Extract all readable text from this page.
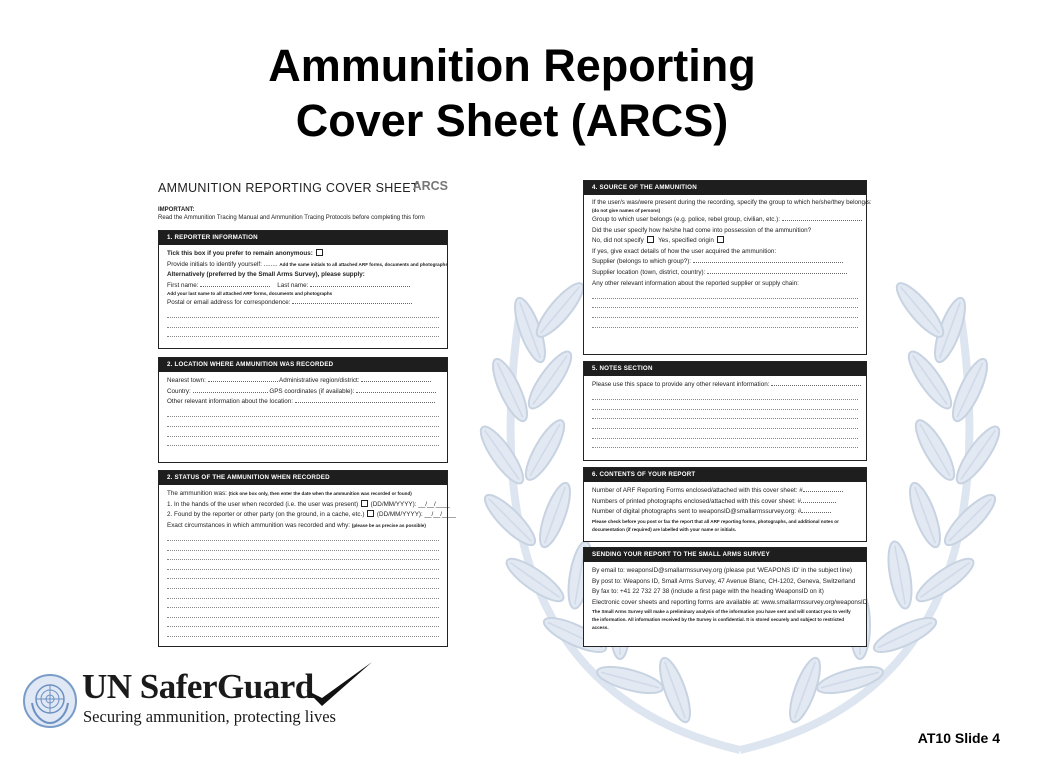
Ammunition Reporting
Cover Sheet (ARCS)
AMMUNITION REPORTING COVER SHEET
ARCS
IMPORTANT:
Read the Ammunition Tracing Manual and Ammunition Tracing Protocols before completing this form
1. REPORTER INFORMATION
Tick this box if you prefer to remain anonymous:
Provide initials to identify yourself: ........ Add the same initials to all attached ARF forms, documents and photographs
Alternatively (preferred by the Small Arms Survey), please supply:
First name:	Last name:
Add your last name to all attached ARF forms, documents and photographs
Postal or email address for correspondence:
2. LOCATION WHERE AMMUNITION WAS RECORDED
Nearest town:	Administrative region/district:
Country:	GPS coordinates (if available):
Other relevant information about the location:
2. STATUS OF THE AMMUNITION WHEN RECORDED
The ammunition was: (tick one box only, then enter the date when the ammunition was recorded or found)
1. In the hands of the user when recorded (i.e. the user was present) (DD/MM/YYYY): __/__/____
2. Found by the reporter or other party (on the ground, in a cache, etc.) (DD/MM/YYYY): __/__/____
Exact circumstances in which ammunition was recorded and why: (please be as precise as possible)
4. SOURCE OF THE AMMUNITION
If the user/s was/were present during the recording, specify the group to which he/she/they belong/s:
(do not give names of persons)
Group to which user belongs (e.g. police, rebel group, civilian, etc.):
Did the user specify how he/she had come into possession of the ammunition?
No, did not specify Yes, specified origin
If yes, give exact details of how the user acquired the ammunition:
Supplier (belongs to which group?):
Supplier location (town, district, country):
Any other relevant information about the reported supplier or supply chain:
5. NOTES SECTION
Please use this space to provide any other relevant information:
6. CONTENTS OF YOUR REPORT
Number of ARF Reporting Forms enclosed/attached with this cover sheet: #
Numbers of printed photographs enclosed/attached with this cover sheet: #
Number of digital photographs sent to weaponsID@smallarmssurvey.org: #
Please check before you post or fax the report that all ARF reporting forms, photographs, and additional notes or
documentation (if required) are labelled with your name or initials.
SENDING YOUR REPORT TO THE SMALL ARMS SURVEY
By email to: weaponsID@smallarmssurvey.org (please put 'WEAPONS ID' in the subject line)
By post to: Weapons ID, Small Arms Survey, 47 Avenue Blanc, CH-1202, Geneva, Switzerland
By fax to: +41 22 732 27 38 (include a first page with the heading WeaponsID on it)
Electronic cover sheets and reporting forms are available at: www.smallarmssurvey.org/weaponsID
The Small Arms Survey will make a preliminary analysis of the information you have sent and will contact you to verify
the information. All information received by the Survey is confidential. It is stored securely and subject to restricted
access.
UN SaferGuard
Securing ammunition, protecting lives
AT10 Slide 4
